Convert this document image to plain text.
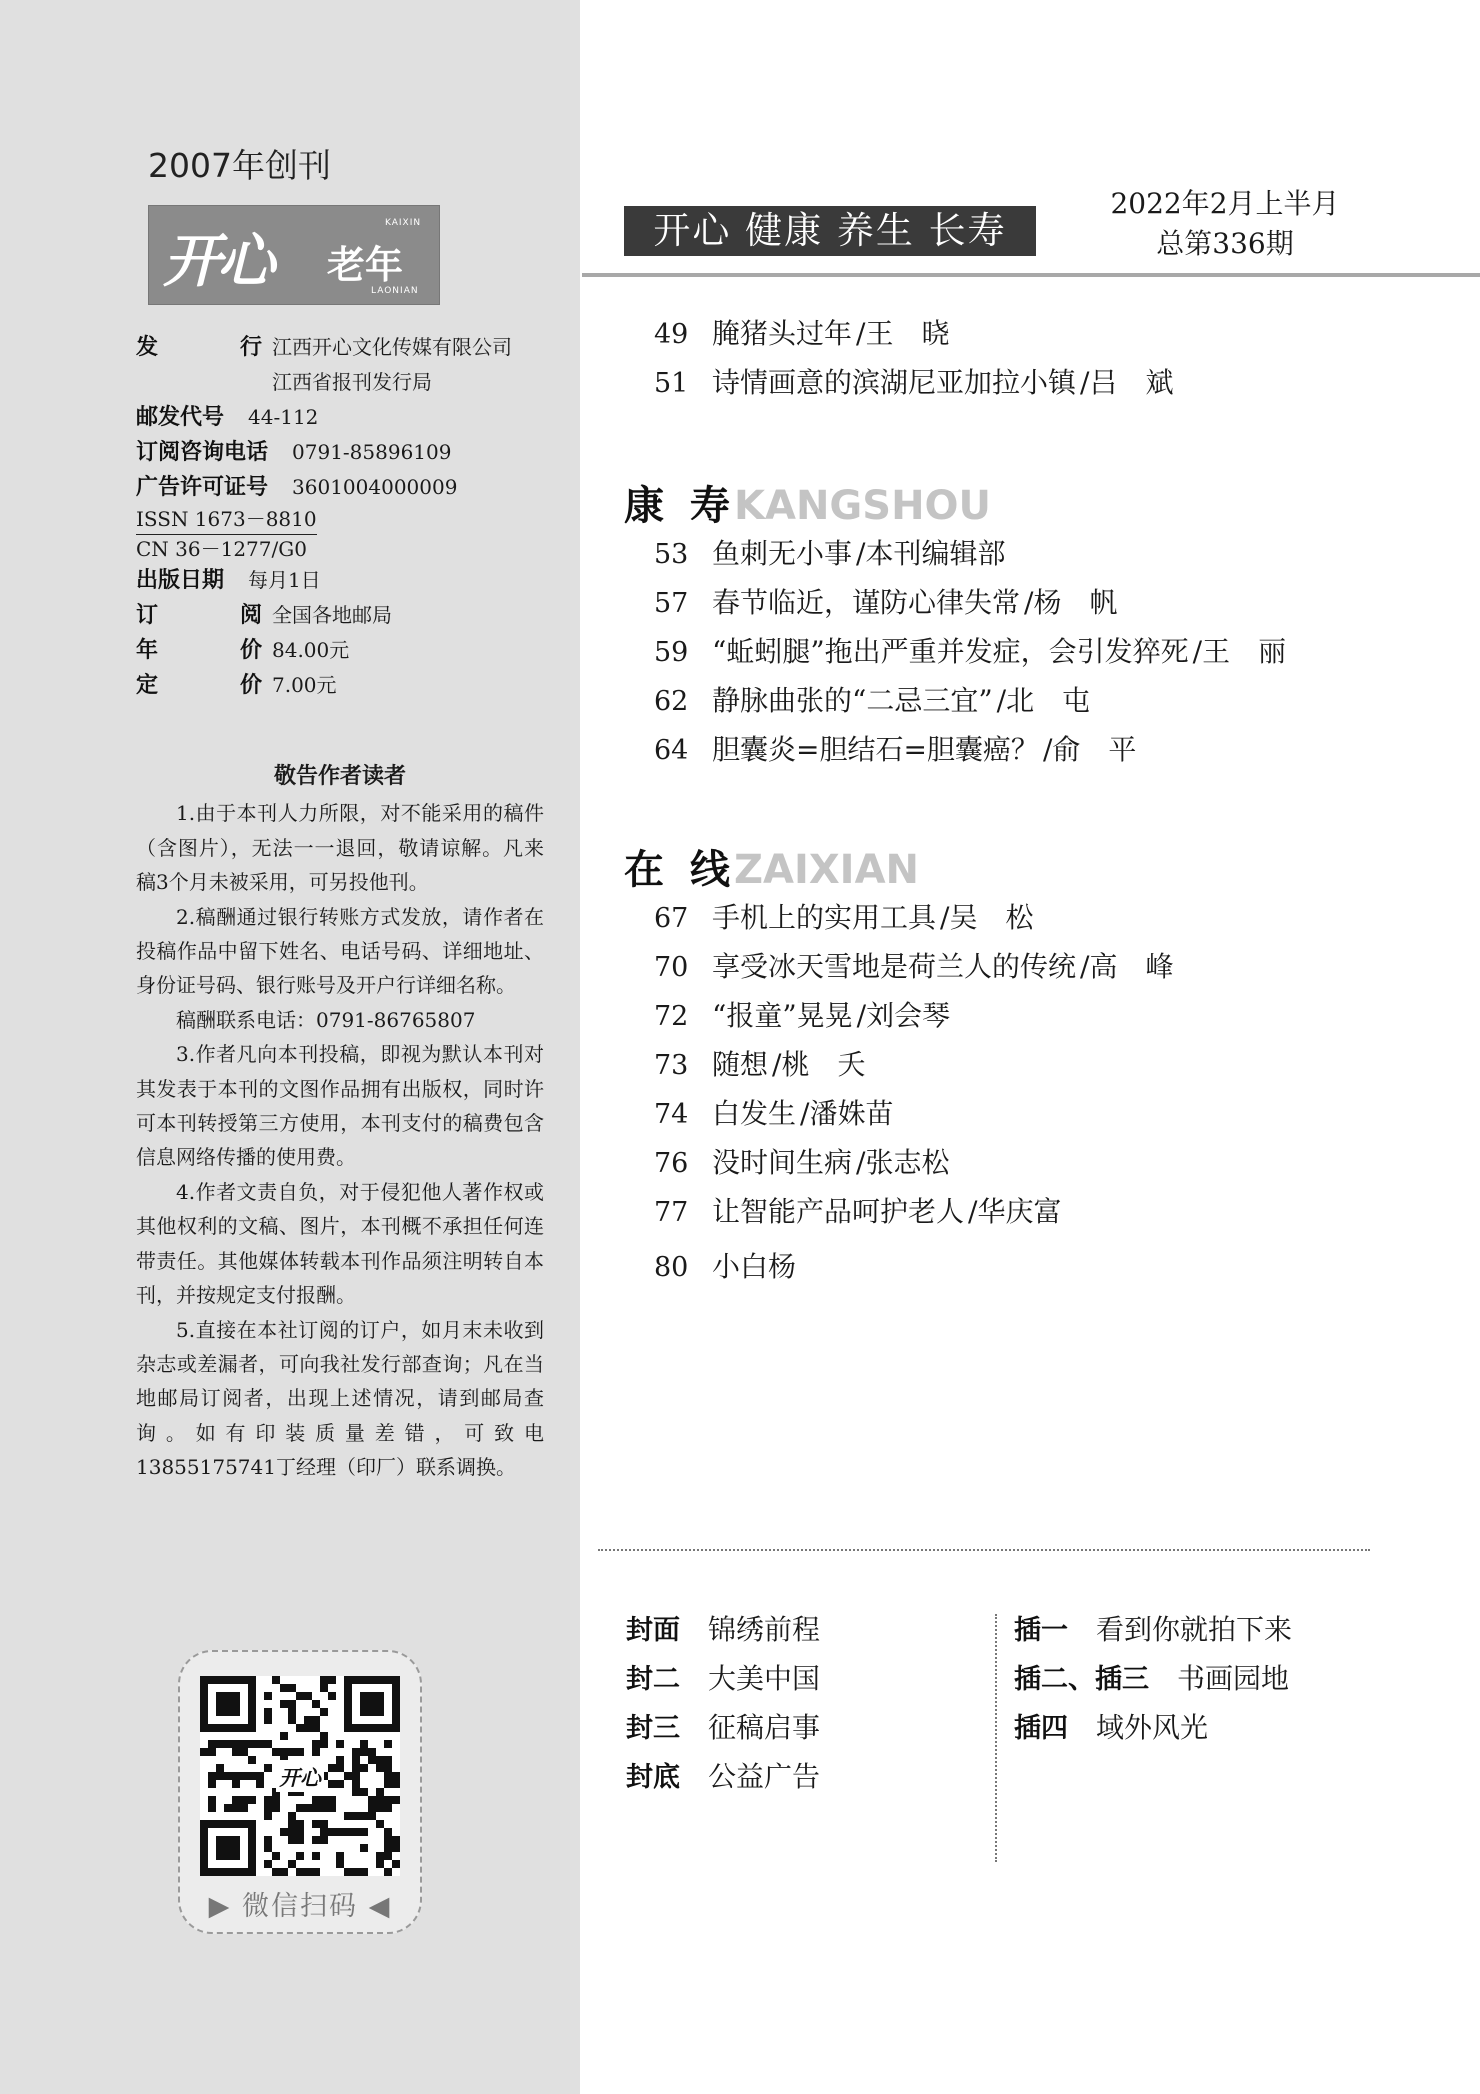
2007年创刊
开心
KAIXIN
老年
LAONIAN
发　行 江西开心文化传媒有限公司
江西省报刊发行局
邮发代号 44-112
订阅咨询电话 0791-85896109
广告许可证号 3601004000009
ISSN 1673－8810
CN 36－1277/G0
出版日期 每月1日
订　阅 全国各地邮局
年　价 84.00元
定　价 7.00元
敬告作者读者

1.由于本刊人力所限，对不能采用的稿件（含图片），无法一一退回，敬请谅解。凡来稿3个月未被采用，可另投他刊。

2.稿酬通过银行转账方式发放，请作者在投稿作品中留下姓名、电话号码、详细地址、身份证号码、银行账号及开户行详细名称。

稿酬联系电话：0791-86765807

3.作者凡向本刊投稿，即视为默认本刊对其发表于本刊的文图作品拥有出版权，同时许可本刊转授第三方使用，本刊支付的稿费包含信息网络传播的使用费。

4.作者文责自负，对于侵犯他人著作权或其他权利的文稿、图片，本刊概不承担任何连带责任。其他媒体转载本刊作品须注明转自本刊，并按规定支付报酬。

5.直接在本社订阅的订户，如月末未收到杂志或差漏者，可向我社发行部查询；凡在当地邮局订阅者，出现上述情况，请到邮局查询。如有印装质量差错，可致电13855175741丁经理（印厂）联系调换。

开心
▶ 微信扫码 ◀
开心 健康 养生 长寿
2022年2月上半月
总第336期
49 腌猪头过年 /王　晓
51 诗情画意的滨湖尼亚加拉小镇 /吕　斌
康寿KANGSHOU
53 鱼刺无小事 /本刊编辑部
57 春节临近，谨防心律失常 /杨　帆
59 “蚯蚓腿”拖出严重并发症，会引发猝死 /王　丽
62 静脉曲张的“二忌三宜” /北　屯
64 胆囊炎=胆结石=胆囊癌？ /俞　平
在线ZAIXIAN
67 手机上的实用工具 /吴　松
70 享受冰天雪地是荷兰人的传统 /高　峰
72 “报童”晃晃 /刘会琴
73 随想 /桃　夭
74 白发生 /潘姝苗
76 没时间生病 /张志松
77 让智能产品呵护老人 /华庆富
80 小白杨
封面 锦绣前程
封二 大美中国
封三 征稿启事
封底 公益广告
插一 看到你就拍下来
插二、插三 书画园地
插四 域外风光
